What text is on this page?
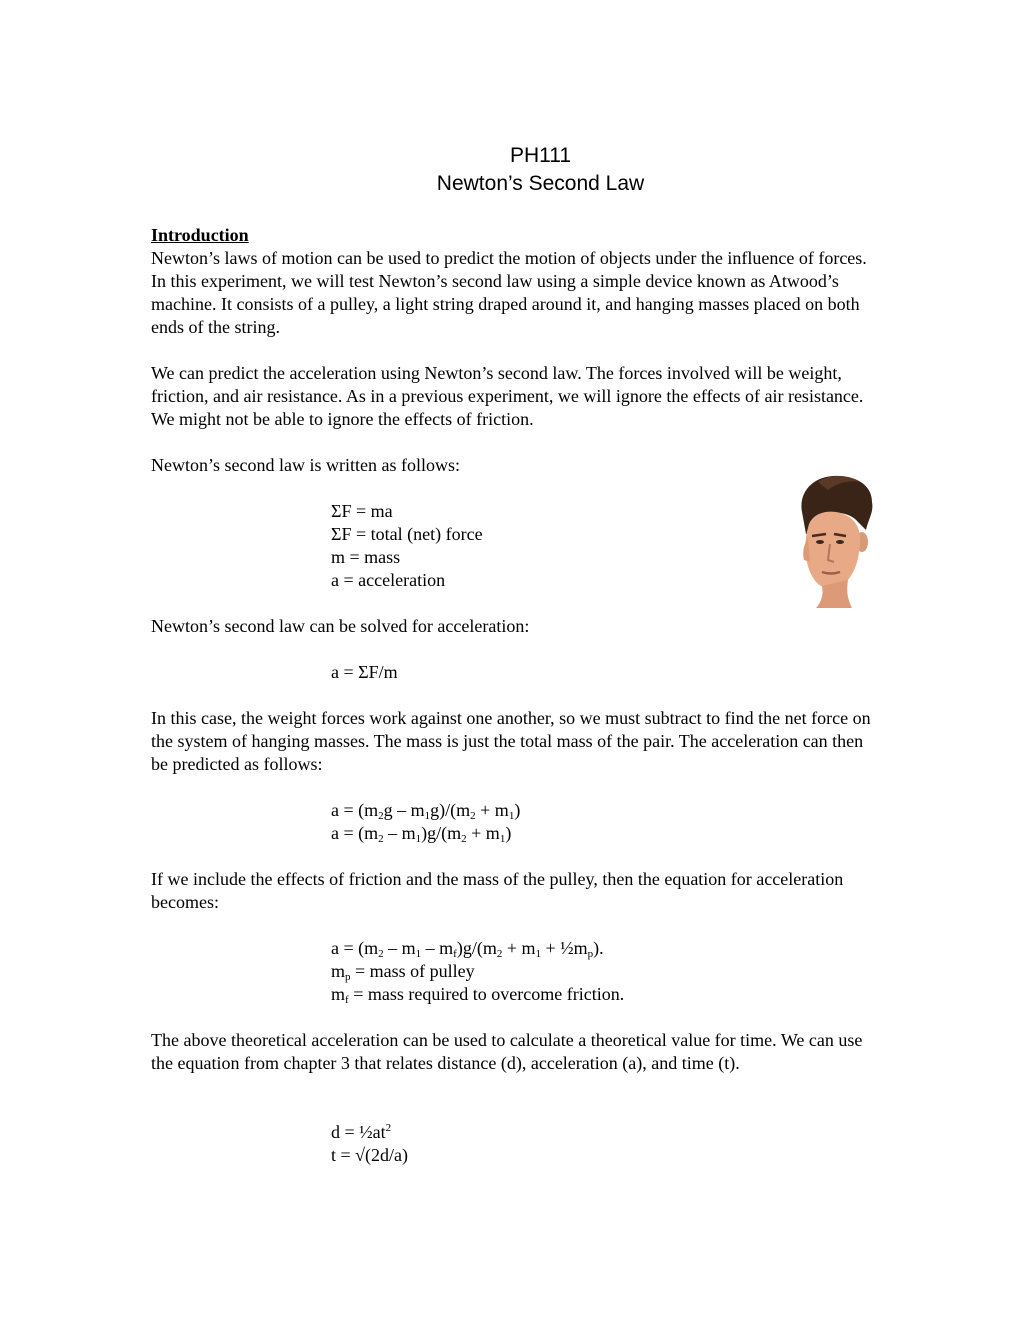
PH111
Newton’s Second Law
Introduction

Newton’s laws of motion can be used to predict the motion of objects under the influence of forces. In this experiment, we will test Newton’s second law using a simple device known as Atwood’s machine. It consists of a pulley, a light string draped around it, and hanging masses placed on both ends of the string.

We can predict the acceleration using Newton’s second law. The forces involved will be weight, friction, and air resistance. As in a previous experiment, we will ignore the effects of air resistance. We might not be able to ignore the effects of friction.

Newton’s second law is written as follows:

ΣF = ma
ΣF = total (net) force
m = mass
a = acceleration

Newton’s second law can be solved for acceleration:

a = ΣF/m

In this case, the weight forces work against one another, so we must subtract to find the net force on the system of hanging masses. The mass is just the total mass of the pair. The acceleration can then be predicted as follows:

$a = (m_2g - m_1g)/(m_2 + m_1)$
$a = (m_2 - m_1)g/(m_2 + m_1)$

If we include the effects of friction and the mass of the pulley, then the equation for acceleration becomes:

$a = (m_2 - m_1 - m_f)g/(m_2 + m_1$ + $\frac{1}{2}m_p$).
$m_p$ = mass of pulley
$m_f$ = mass required to overcome friction.

The above theoretical acceleration can be used to calculate a theoretical value for time. We can use the equation from chapter 3 that relates distance (d), acceleration (a), and time (t).

$d = \frac{1}{2}at^2$
t = √(2d/a)
